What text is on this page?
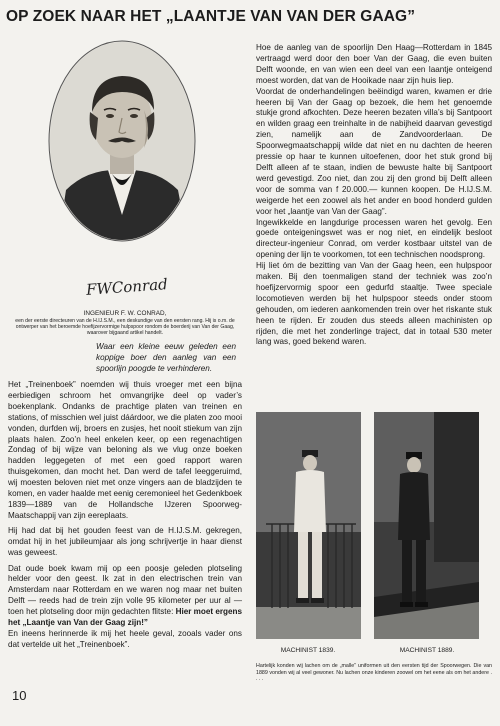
OP ZOEK NAAR HET „LAANTJE VAN VAN DER GAAG”
FWConrad
INGENIEUR F. W. CONRAD,
een der eerste directeuren van de H.IJ.S.M., een deskundige van den eersten rang. Hij is o.m. de ontwerper van het beroemde hoefijzervormige hulpspoor rondom de boerderij van Van der Gaag, waarover bijgaand artikel handelt.
Waar een kleine eeuw geleden een koppige boer den aanleg van een spoorlijn poogde te verhinderen.

Het „Treinenboek” noemden wij thuis vroeger met een bijna eerbiedigen schroom het omvangrijke deel op vader’s boekenplank. Ondanks de prachtige platen van treinen en stations, of misschien wel juist dáárdoor, we die platen zoo mooi vonden, durfden wij, broers en zusjes, het nooit stiekum van zijn plaats halen. Zoo’n heel enkelen keer, op een regenachtigen Zondag of bij wijze van beloning als we vlug onze boeken hadden leggegeten of met een goed rapport waren thuisgekomen, dan mocht het. Dan werd de tafel leeggeruimd, wij moesten beloven niet met onze vingers aan de bladzijden te komen, en vader haalde met eenig ceremonieel het Gedenkboek 1839—1889 van de Hollandsche IJzeren Spoorweg-Maatschappij van zijn eereplaats.

Hij had dat bij het gouden feest van de H.IJ.S.M. gekregen, omdat hij in het jubileumjaar als jong schrijvertje in haar dienst was geweest.

Dat oude boek kwam mij op een poosje geleden plotseling helder voor den geest. Ik zat in den electrischen trein van Amsterdam naar Rotterdam en we waren nog maar net buiten Delft — reeds had de trein zijn volle 95 kilometer per uur al — toen het plotseling door mijn gedachten flitste: Hier moet ergens het „Laantje van Van der Gaag zijn!”

En ineens herinnerde ik mij het heele geval, zooals vader ons dat vertelde uit het „Treinenboek”.

Hoe de aanleg van de spoorlijn Den Haag—Rotterdam in 1845 vertraagd werd door den boer Van der Gaag, die even buiten Delft woonde, en van wien een deel van een laantje onteigend moest worden, dat van de Hooikade naar zijn huis liep.

Voordat de onderhandelingen beëindigd waren, kwamen er drie heeren bij Van der Gaag op bezoek, die hem het genoemde stukje grond afkochten. Deze heeren bezaten villa’s bij Santpoort en wilden graag een treinhalte in de nabijheid daarvan gevestigd zien, namelijk aan de Zandvoorderlaan. De Spoorwegmaatschappij wilde dat niet en nu dachten de heeren pressie op haar te kunnen uitoefenen, door het stuk grond bij Delft alleen af te staan, indien de bewuste halte bij Santpoort werd gevestigd. Zoo niet, dan zou zij den grond bij Delft alleen voor de somma van f 20.000.— kunnen koopen. De H.IJ.S.M. weigerde het een zoowel als het ander en bood honderd gulden voor het „laantje van Van der Gaag”.

Ingewikkelde en langdurige processen waren het gevolg. Een goede onteigeningswet was er nog niet, en eindelijk besloot directeur-ingenieur Conrad, om verder kostbaar uitstel van de opening der lijn te voorkomen, tot een technischen noodsprong.

Hij liet óm de bezitting van Van der Gaag heen, een hulpspoor maken. Bij den toenmaligen stand der techniek was zoo’n hoefijzervormig spoor een gedurfd staaltje. Twee speciale locomotieven werden bij het hulpspoor steeds onder stoom gehouden, om iederen aankomenden trein over het riskante stuk heen te rijden. Er zouden dus steeds alleen machinisten op rijden, die met het zonderlinge traject, dat in totaal 530 meter lang was, goed bekend waren.

MACHINIST 1839.	MACHINIST 1889.
Hartelijk konden wij lachen om de „malle” uniformen uit den eersten tijd der Spoorwegen. Die van 1889 vonden wij al veel gewoner. Nu lachen onze kinderen zoowel om het eene als om het andere . . . .
10
